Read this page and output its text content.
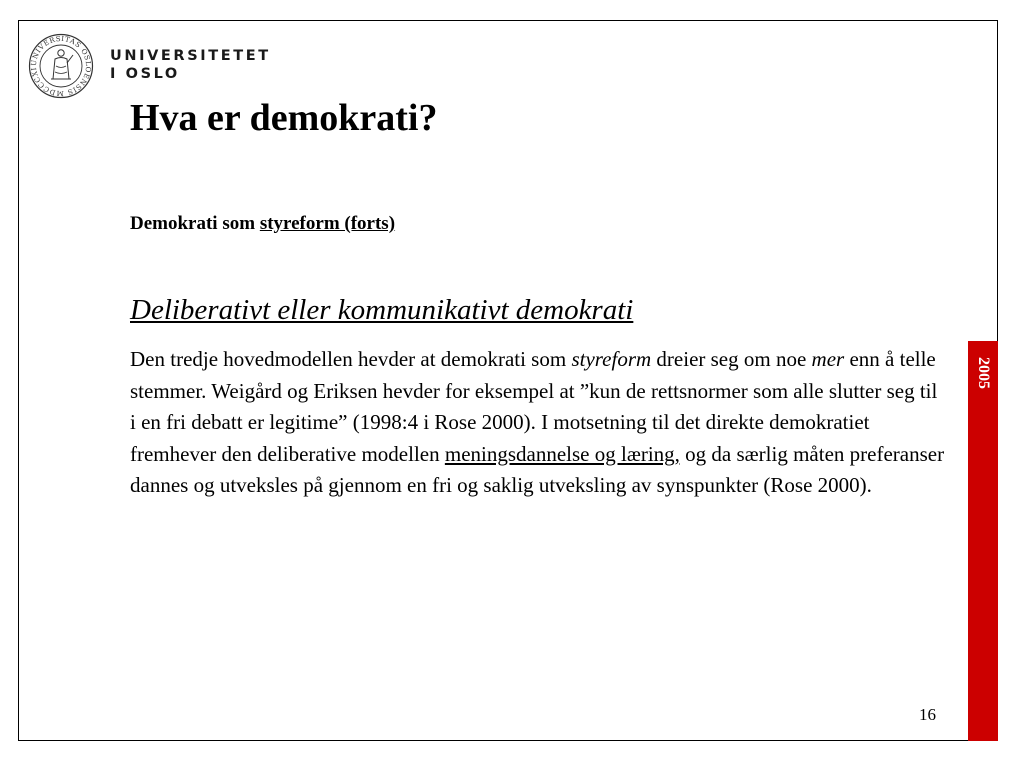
UNIVERSITAS OSLOENSIS MDCCCXI
UNIVERSITETET
I OSLO
Hva er demokrati?
Demokrati som styreform (forts)
Deliberativt eller kommunikativt demokrati

Den tredje hovedmodellen hevder at demokrati som styreform dreier seg om noe mer enn å telle stemmer. Weigård og Eriksen hevder for eksempel at ”kun de rettsnormer som alle slutter seg til i en fri debatt er legitime” (1998:4 i Rose 2000). I motsetning til det direkte demokratiet fremhever den deliberative modellen meningsdannelse og læring, og da særlig måten preferanser dannes og utveksles på gjennom en fri og saklig utveksling av synspunkter (Rose 2000).

16
2005
